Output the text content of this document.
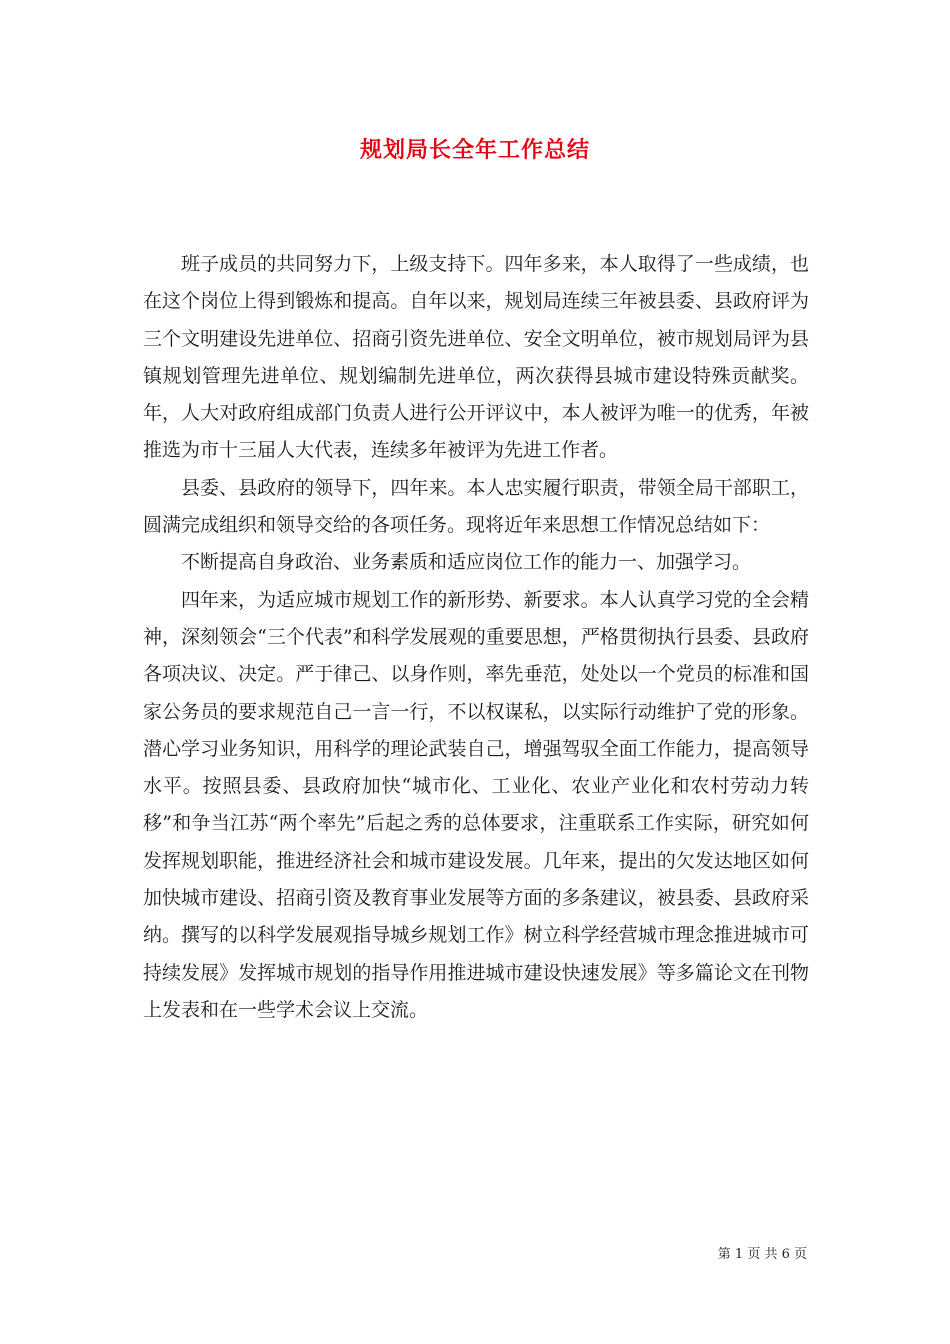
规划局长全年工作总结

班子成员的共同努力下，上级支持下。四年多来，本人取得了一些成绩，也在这个岗位上得到锻炼和提高。自年以来，规划局连续三年被县委、县政府评为三个文明建设先进单位、招商引资先进单位、安全文明单位，被市规划局评为县镇规划管理先进单位、规划编制先进单位，两次获得县城市建设特殊贡献奖。年，人大对政府组成部门负责人进行公开评议中，本人被评为唯一的优秀，年被推选为市十三届人大代表，连续多年被评为先进工作者。

县委、县政府的领导下，四年来。本人忠实履行职责，带领全局干部职工，圆满完成组织和领导交给的各项任务。现将近年来思想工作情况总结如下：

不断提高自身政治、业务素质和适应岗位工作的能力一、加强学习。

四年来，为适应城市规划工作的新形势、新要求。本人认真学习党的全会精神，深刻领会“三个代表”和科学发展观的重要思想，严格贯彻执行县委、县政府各项决议、决定。严于律己、以身作则，率先垂范，处处以一个党员的标准和国家公务员的要求规范自己一言一行，不以权谋私，以实际行动维护了党的形象。潜心学习业务知识，用科学的理论武装自己，增强驾驭全面工作能力，提高领导水平。按照县委、县政府加快“城市化、工业化、农业产业化和农村劳动力转移”和争当江苏“两个率先”后起之秀的总体要求，注重联系工作实际，研究如何发挥规划职能，推进经济社会和城市建设发展。几年来，提出的欠发达地区如何加快城市建设、招商引资及教育事业发展等方面的多条建议，被县委、县政府采纳。撰写的以科学发展观指导城乡规划工作》树立科学经营城市理念推进城市可持续发展》发挥城市规划的指导作用推进城市建设快速发展》等多篇论文在刊物上发表和在一些学术会议上交流。

第 1 页 共 6 页
